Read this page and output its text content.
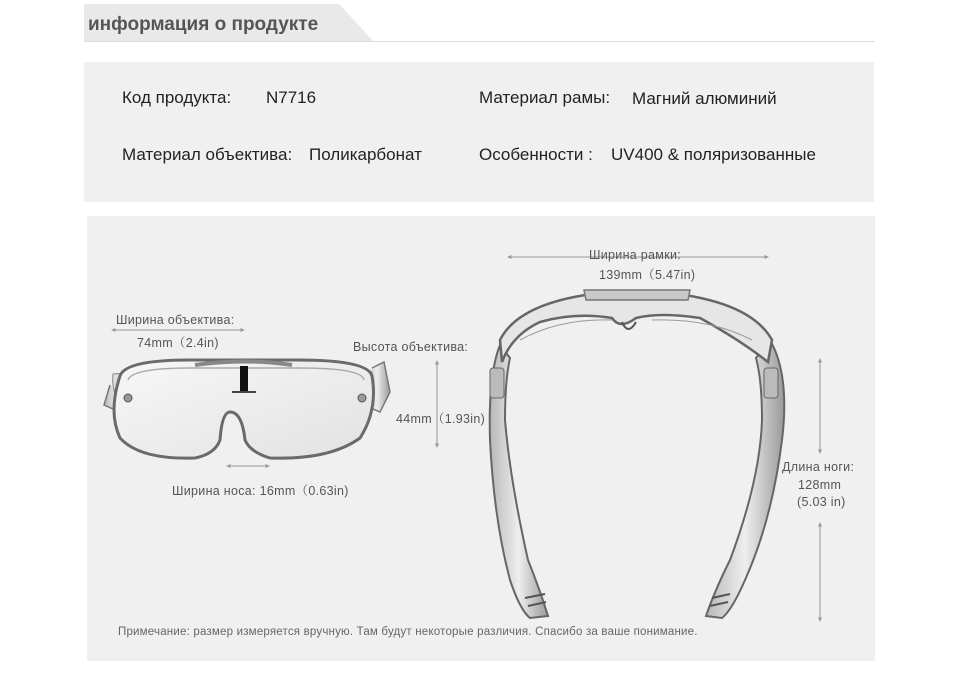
информация о продукте
Код продукта: N7716	Материал рамы: Магний алюминий
Материал объектива: Поликарбонат	Особенности : UV400 & поляризованные
Ширина объектива:
74mm（2.4in)	Высота объектива:
44mm（1.93in)
Ширина носа: 16mm（0.63in)
Ширина рамки:
139mm（5.47in)
Длина ноги:
128mm
(5.03 in)
Примечание: размер измеряется вручную. Там будут некоторые различия. Спасибо за ваше понимание.
